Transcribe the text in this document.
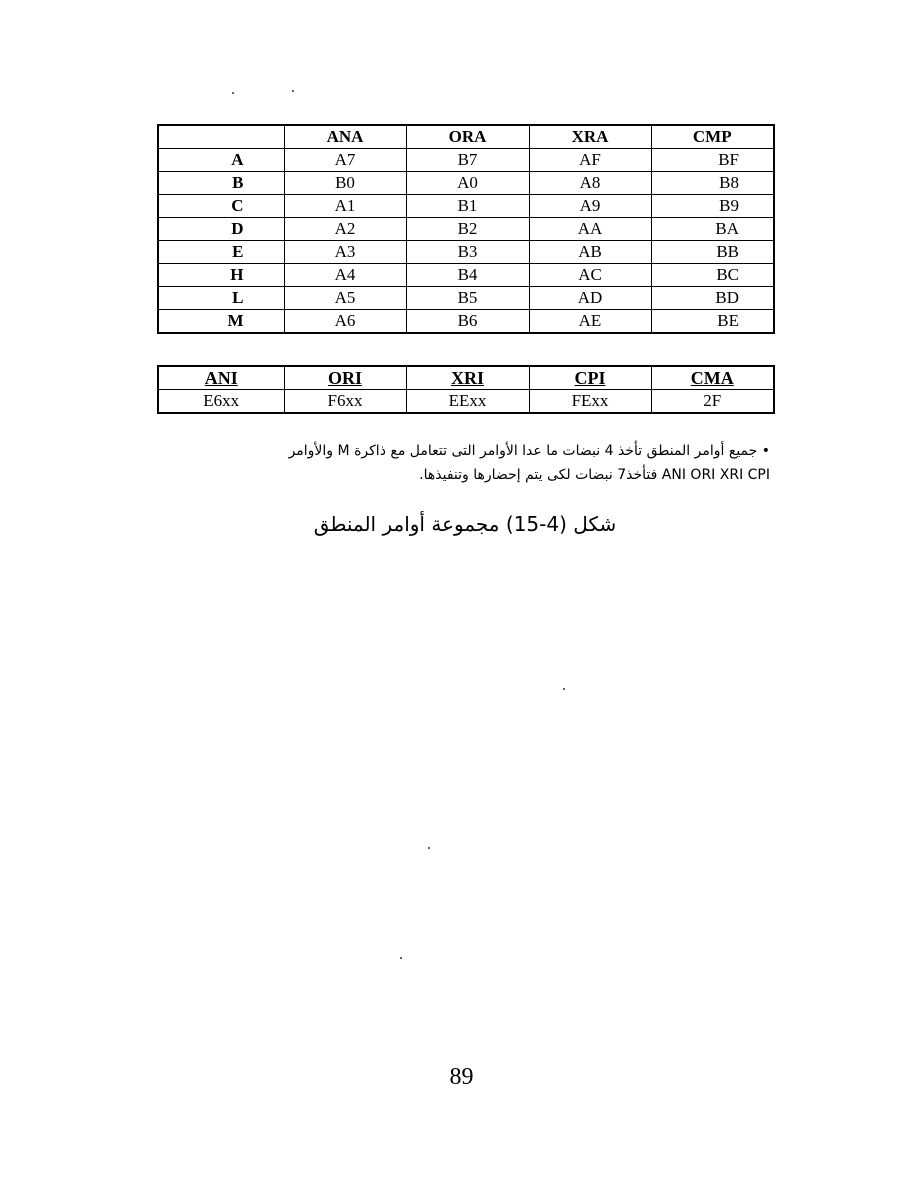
	ANA	ORA	XRA	CMP
A	A7	B7	AF	BF
B	B0	A0	A8	B8
C	A1	B1	A9	B9
D	A2	B2	AA	BA
E	A3	B3	AB	BB
H	A4	B4	AC	BC
L	A5	B5	AD	BD
M	A6	B6	AE	BE
ANI	ORI	XRI	CPI	CMA
E6xx	F6xx	EExx	FExx	2F
• جميع أوامر المنطق تأخذ 4 نبضات ما عدا الأوامر التى تتعامل مع ذاكرة M والأوامر
ANI ORI XRI CPI فتأخذ7 نبضات لكى يتم إحضارها وتنفيذها.
شكل (4-15) مجموعة أوامر المنطق
89
